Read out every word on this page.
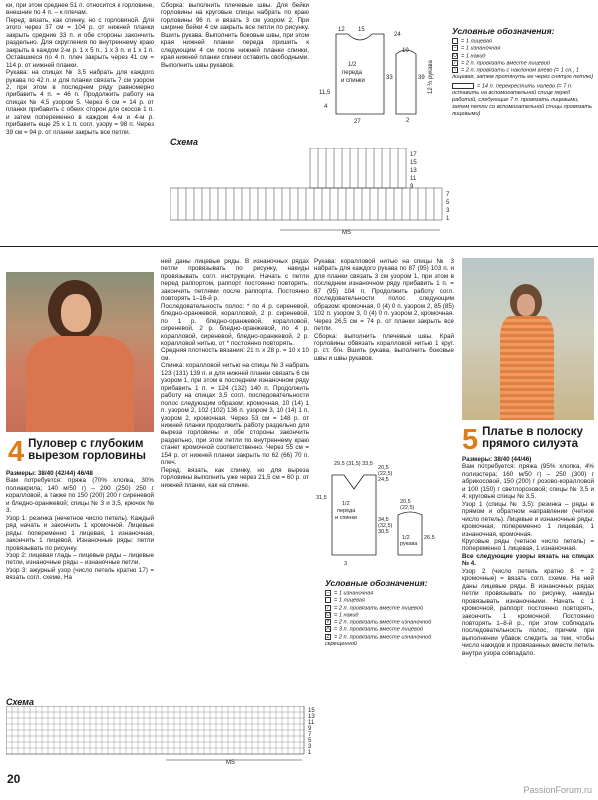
ки, при этом среднее 51 п. относится к горловине, внешние по 4 п. – к плечам.

Перед: вязать, как спинку, но с горловиной. Для этого через 37 см = 104 р. от нижней планки закрыть средние 33 п. и обе стороны закончить раздельно. Для скругления по внутреннему краю закрыть в каждом 2-м р. 1 х 5 п., 1 х 3 п. и 1 х 1 п. Оставшиеся по 4 п. плеч закрыть через 41 см = 114 р. от нижней планки.

Рукава: на спицах № 3,5 набрать для каждого рукава по 42 п. и для планки связать 7 см узором 2, при этом в последнем ряду равномерно прибавить 4 п. = 46 п. Продолжить работу на спицах № 4,5 узором 5. Через 6 см = 14 р. от планки прибавить с обеих сторон для скосов 1 п. и затем попеременно в каждом 4-м и 4-м р. прибавить еще 25 х 1 п. согл. узору = 98 п. Через 39 см = 94 р. от планки закрыть все петли.

Сборка: выполнить плечевые швы. Для бейки горловины на круговые спицы набрать по краю горловины 96 п. и вязать 3 см узором 2. При ширине бейки 4 см закрыть все петли по рисунку. Вшить рукава. Выполнить боковые швы, при этом края нижней планки переда пришить к следующим 4 см после нижней планки спинки, края нижней планки спинки оставить свободными. Выполнить швы рукавов.

12 15
24
1/2
переда
и спинки	33
11,5
4
27	2
10
39 12 ½ рукава
Условные обозначения:
= 1 лицевая
– = 1 изнаночная
U = 1 накид
/ = 2 п. провязать вместе лицевой
\ = 2 п. провязать с наклоном влево (= 1 сн., 1 лицевая, затем протянуть ее через снятую петлю)
= 14 п. перекрестить налево (= 7 п. оставить на вспомогательной спице перед работой, следующие 7 п. провязать лицевыми, затем петли со вспомогательной спицы провязать лицевыми)
Схема
17
15
13
11
9
7
5
3
1
MS
4 Пуловер с глубоким
вырезом горловины

Размеры: 38/40 (42/44) 46/48

Вам потребуется: пряжа (70% хлопка, 30% полиакрила; 140 м/50 г) – 200 (250) 250 г коралловой, а также по 150 (200) 200 г сиреневой и бледно-оранжевой; спицы № 3 и 3,5, крючок № 3.

Узор 1: резинка (нечетное число петель). Каждый ряд начать и закончить 1 кромочной. Лицевые ряды: попеременно 1 лицевая, 1 изнаночная, закончить 1 лицевой. Изнаночные ряды: петли провязывать по рисунку.

Узор 2: лицевая гладь – лицевые ряды – лицевые петли, изнаночные ряды – изнаночные петли.

Узор 3: ажурный узор (число петель кратно 17) = вязать согл. схеме. На

ней даны лицевые ряды. В изнаночных рядах петли провязывать по рисунку, накиды провязывать согл. инструкции. Начать с петли перед раппортом, раппорт постоянно повторять, закончить петлями после раппорта. Постоянно повторять 1–16-й р.

Последовательность полос: * по 4 р. сиреневой, бледно-оранжевой, коралловой, 2 р. сиреневой, по 1 р. бледно-оранжевой, коралловой, сиреневой, 2 р. бледно-оранжевой, по 4 р. коралловой, сиреневой, бледно-оранжевой, 2 р. коралловой нитью, от * постоянно повторять.

Средняя плотность вязания: 21 п. х 28 р. = 10 х 10 см.

Спинка: коралловой нитью на спицы № 3 набрать 123 (131) 139 п. и для нижней планки связать 6 см узором 1, при этом в последнем изнаночном ряду прибавить 1 п. = 124 (132) 140 п. Продолжить работу на спицах 3,5 согл. последовательности полос следующим образом: кромочная, 10 (14) 1 п. узором 2, 102 (102) 136 п. узором 3, 10 (14) 1 п. узором 2, кромочная. Через 53 см = 148 р. от нижней планки продолжить работу раздельно для выреза горловины и обе стороны закончить раздельно, при этом петли по внутреннему краю станет кромочной соответственно. Через 55 см = 154 р. от нижней планки закрыть по 62 (66) 70 п. плеч.

Перед: вязать, как спинку, но для выреза горловины выполнить уже через 21,5 см = 60 р. от нижней планки, как на спинке.

Рукава: коралловой нитью на спицы № 3 набрать для каждого рукава по 87 (95) 103 п. и для планки связать 3 см узором 1, при этом в последнем изнаночном ряду прибавить 1 п. = 87 (95) 104 п. Продолжить работу согл. последовательности полос следующим образом: кромочная, 0 (4) 0 п. узором 2, 85 (85) 102 п. узором 3, 0 (4) 0 п. узором 2, кромочная. Через 26,5 см = 74 р. от планки закрыть все петли.

Сборка: выполнить плечевые швы. Край горловины обвязать коралловой нитью 1 круг. р. ст. б/н. Вшить рукава, выполнить боковые швы и швы рукавов.

29,5 (31,5) 33,5
20,5
(22,5)
24,5
31,5
1/2
переда
и спинки	34,5
(32,5)
30,5
20,5
(22,5)
1/2
рукава
26,5
3
Условные обозначения:
– = 1 изнаночная
= 1 лицевая
/ = 2 п. провязать вместе лицевой
U = 1 накид
≠ = 2 п. провязать вместе изнаночной
Λ = 3 п. провязать вместе лицевой
Z = 2 п. провязать вместе изнаночной скрещенной
5 Платье в полоску
прямого силуэта

Размеры: 38/40 (44/46)

Вам потребуется: пряжа (95% хлопка, 4% полиэстера; 160 м/50 г) – 250 (300) г абрикосовой, 150 (200) г розово-коралловой и 100 (150) г светлорозовой; спицы № 3,5 и 4; круговые спицы № 3,5.

Узор 1 (спицы № 3,5): резинка – ряды в прямом и обратном направлении (четное число петель). Лицевые и изнаночные ряды: кромочная, попеременно 1 лицевая, 1 изнаночная, кромочная.

Круговые ряды (четное число петель) = попеременно 1 лицевая, 1 изнаночная.

Все следующие узоры вязать на спицах № 4.

Узор 2 (число петель кратно 8 + 2 кромочные) = вязать согл. схеме. На ней даны лицевые ряды. В изнаночных рядах петли провязывать по рисунку, накиды провязывать изнаночными. Начать с 1 кромочной, раппорт постоянно повторять, закончить 1 кромочной. Постоянно повторять 1–8-й р., при этом соблюдать последовательность полос, причем при выполнении убавок следить за тем, чтобы число накидов и провязанных вместе петель внутри узора совпадало.

Схема
15
13
11
9
7
5
3
1
MS
20
PassionForum.ru
